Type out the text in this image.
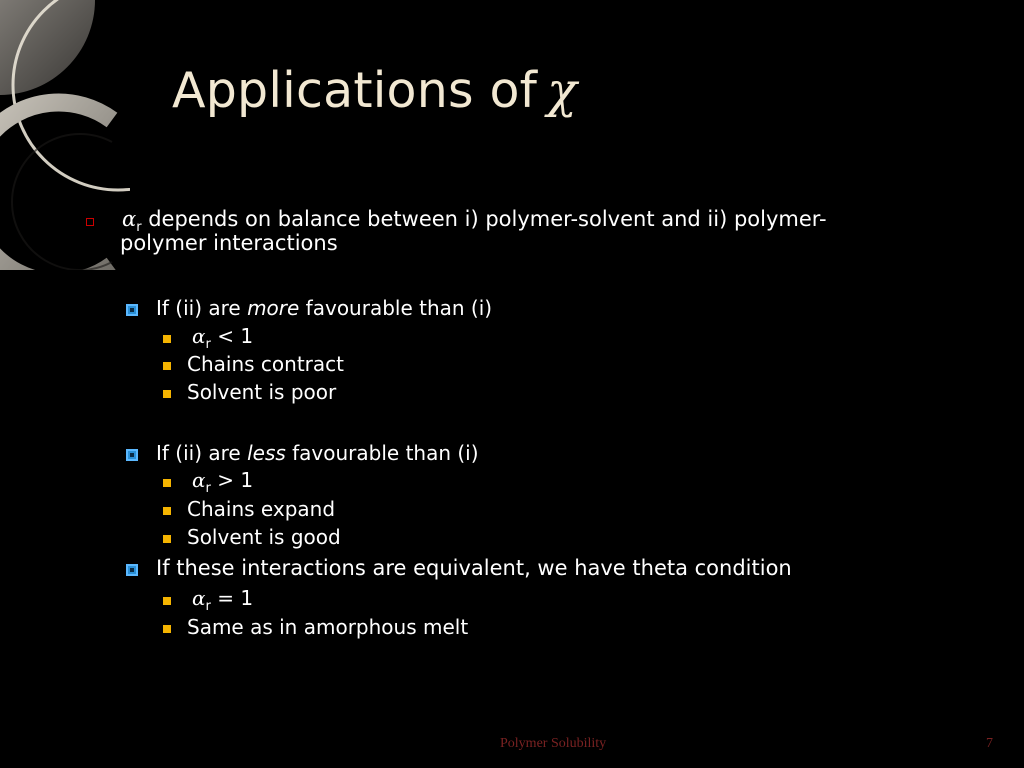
Applications of χ
$\alpha_r$ depends on balance between i) polymer-solvent and ii) polymer-
polymer interactions
If (ii) are more favourable than (i)
$\alpha_r < 1$
Chains contract
Solvent is poor
If (ii) are less favourable than (i)
$\alpha_r > 1$
Chains expand
Solvent is good
If these interactions are equivalent, we have theta condition
$\alpha_r = 1$
Same as in amorphous melt
Polymer Solubility	7
